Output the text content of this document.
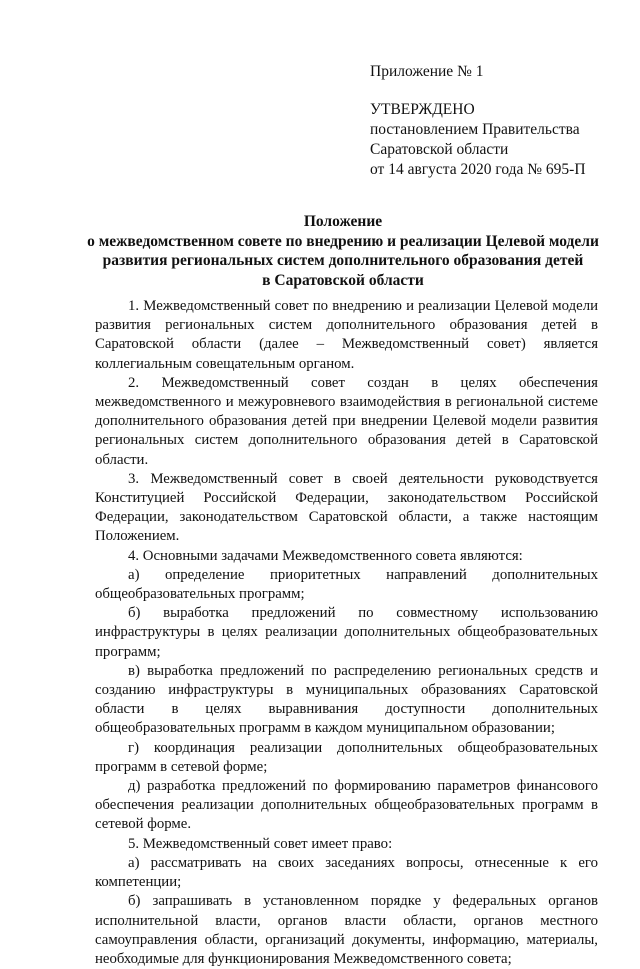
Приложение № 1
УТВЕРЖДЕНО
постановлением Правительства
Саратовской области
от 14 августа 2020 года № 695-П
Положение
о межведомственном совете по внедрению и реализации Целевой модели
развития региональных систем дополнительного образования детей
в Саратовской области

1. Межведомственный совет по внедрению и реализации Целевой модели развития региональных систем дополнительного образования детей в Саратовской области (далее – Межведомственный совет) является коллегиальным совещательным органом.

2. Межведомственный совет создан в целях обеспечения межведомственного и межуровневого взаимодействия в региональной системе дополнительного образования детей при внедрении Целевой модели развития региональных систем дополнительного образования детей в Саратовской области.

3. Межведомственный совет в своей деятельности руководствуется Конституцией Российской Федерации, законодательством Российской Федерации, законодательством Саратовской области, а также настоящим Положением.

4. Основными задачами Межведомственного совета являются:

а) определение приоритетных направлений дополнительных общеобразовательных программ;

б) выработка предложений по совместному использованию инфраструктуры в целях реализации дополнительных общеобразовательных программ;

в) выработка предложений по распределению региональных средств и созданию инфраструктуры в муниципальных образованиях Саратовской области в целях выравнивания доступности дополнительных общеобразовательных программ в каждом муниципальном образовании;

г) координация реализации дополнительных общеобразовательных программ в сетевой форме;

д) разработка предложений по формированию параметров финансового обеспечения реализации дополнительных общеобразовательных программ в сетевой форме.

5. Межведомственный совет имеет право:

а) рассматривать на своих заседаниях вопросы, отнесенные к его компетенции;

б) запрашивать в установленном порядке у федеральных органов исполнительной власти, органов власти области, органов местного самоуправления области, организаций документы, информацию, материалы, необходимые для функционирования Межведомственного совета;
